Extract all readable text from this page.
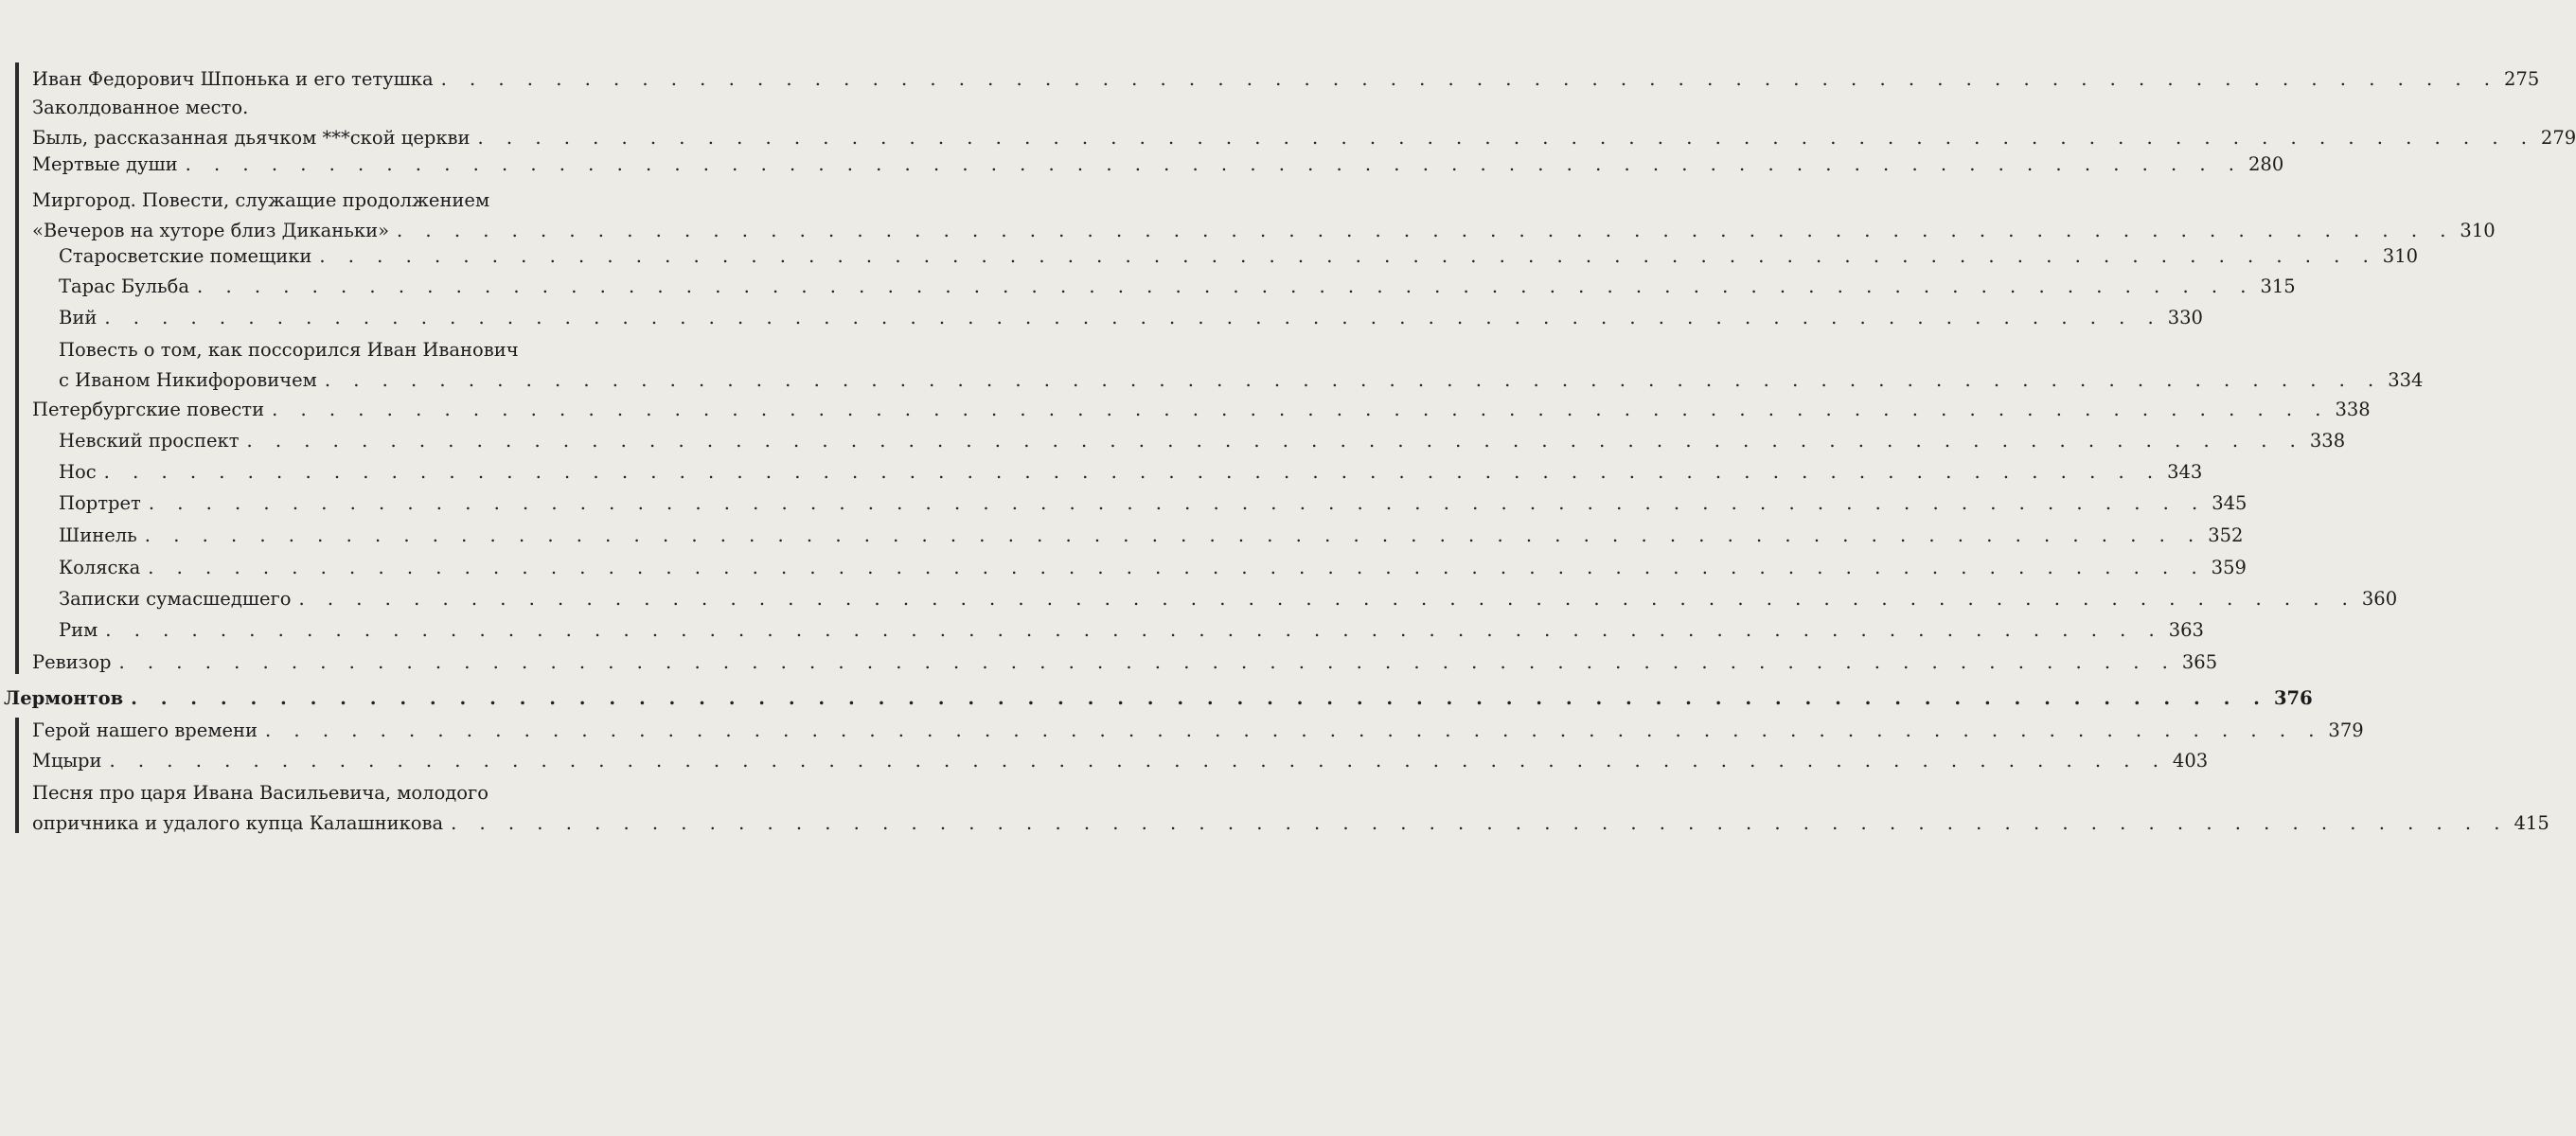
Иван Федорович Шпонька и его тетушка . . . . . . . . . . . . . . . . . . . . . . . . . . . . . . . . . . . . . . . . . . . . . . . . . . . . . . . . . . . . . . . . . . . . . . . . 275
Заколдованное место.
Быль, рассказанная дьячком ***ской церкви . . . . . . . . . . . . . . . . . . . . . . . . . . . . . . . . . . . . . . . . . . . . . . . . . . . . . . . . . . . . . . . . . . . . . . . . 279
Мертвые души . . . . . . . . . . . . . . . . . . . . . . . . . . . . . . . . . . . . . . . . . . . . . . . . . . . . . . . . . . . . . . . . . . . . . . . . 280
Миргород. Повести, служащие продолжением
«Вечеров на хуторе близ Диканьки» . . . . . . . . . . . . . . . . . . . . . . . . . . . . . . . . . . . . . . . . . . . . . . . . . . . . . . . . . . . . . . . . . . . . . . . . 310
Старосветские помещики . . . . . . . . . . . . . . . . . . . . . . . . . . . . . . . . . . . . . . . . . . . . . . . . . . . . . . . . . . . . . . . . . . . . . . . . 310
Тарас Бульба . . . . . . . . . . . . . . . . . . . . . . . . . . . . . . . . . . . . . . . . . . . . . . . . . . . . . . . . . . . . . . . . . . . . . . . . 315
Вий . . . . . . . . . . . . . . . . . . . . . . . . . . . . . . . . . . . . . . . . . . . . . . . . . . . . . . . . . . . . . . . . . . . . . . . . 330
Повесть о том, как поссорился Иван Иванович
с Иваном Никифоровичем . . . . . . . . . . . . . . . . . . . . . . . . . . . . . . . . . . . . . . . . . . . . . . . . . . . . . . . . . . . . . . . . . . . . . . . . 334
Петербургские повести . . . . . . . . . . . . . . . . . . . . . . . . . . . . . . . . . . . . . . . . . . . . . . . . . . . . . . . . . . . . . . . . . . . . . . . . 338
Невский проспект . . . . . . . . . . . . . . . . . . . . . . . . . . . . . . . . . . . . . . . . . . . . . . . . . . . . . . . . . . . . . . . . . . . . . . . . 338
Нос . . . . . . . . . . . . . . . . . . . . . . . . . . . . . . . . . . . . . . . . . . . . . . . . . . . . . . . . . . . . . . . . . . . . . . . . 343
Портрет . . . . . . . . . . . . . . . . . . . . . . . . . . . . . . . . . . . . . . . . . . . . . . . . . . . . . . . . . . . . . . . . . . . . . . . . 345
Шинель . . . . . . . . . . . . . . . . . . . . . . . . . . . . . . . . . . . . . . . . . . . . . . . . . . . . . . . . . . . . . . . . . . . . . . . . 352
Коляска . . . . . . . . . . . . . . . . . . . . . . . . . . . . . . . . . . . . . . . . . . . . . . . . . . . . . . . . . . . . . . . . . . . . . . . . 359
Записки сумасшедшего . . . . . . . . . . . . . . . . . . . . . . . . . . . . . . . . . . . . . . . . . . . . . . . . . . . . . . . . . . . . . . . . . . . . . . . . 360
Рим . . . . . . . . . . . . . . . . . . . . . . . . . . . . . . . . . . . . . . . . . . . . . . . . . . . . . . . . . . . . . . . . . . . . . . . . 363
Ревизор . . . . . . . . . . . . . . . . . . . . . . . . . . . . . . . . . . . . . . . . . . . . . . . . . . . . . . . . . . . . . . . . . . . . . . . . 365
Лермонтов . . . . . . . . . . . . . . . . . . . . . . . . . . . . . . . . . . . . . . . . . . . . . . . . . . . . . . . . . . . . . . . . . . . . . . . . 376
Герой нашего времени . . . . . . . . . . . . . . . . . . . . . . . . . . . . . . . . . . . . . . . . . . . . . . . . . . . . . . . . . . . . . . . . . . . . . . . . 379
Мцыри . . . . . . . . . . . . . . . . . . . . . . . . . . . . . . . . . . . . . . . . . . . . . . . . . . . . . . . . . . . . . . . . . . . . . . . . 403
Песня про царя Ивана Васильевича, молодого
опричника и удалого купца Калашникова . . . . . . . . . . . . . . . . . . . . . . . . . . . . . . . . . . . . . . . . . . . . . . . . . . . . . . . . . . . . . . . . . . . . . . . . 415
